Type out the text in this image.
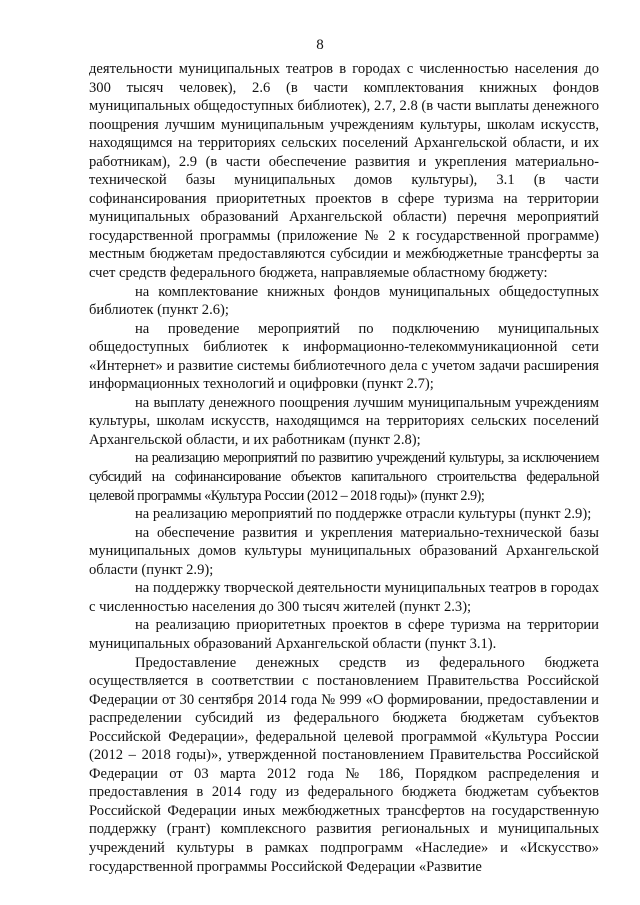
8

деятельности муниципальных театров в городах с численностью населения до 300 тысяч человек), 2.6 (в части комплектования книжных фондов муниципальных общедоступных библиотек), 2.7, 2.8 (в части выплаты денежного поощрения лучшим муниципальным учреждениям культуры, школам искусств, находящимся на территориях сельских поселений Архангельской области, и их работникам), 2.9 (в части обеспечение развития и укрепления материально-технической базы муниципальных домов культуры), 3.1 (в части софинансирования приоритетных проектов в сфере туризма на территории муниципальных образований Архангельской области) перечня мероприятий государственной программы (приложение № 2 к государственной программе) местным бюджетам предоставляются субсидии и межбюджетные трансферты за счет средств федерального бюджета, направляемые областному бюджету:

на комплектование книжных фондов муниципальных общедоступных библиотек (пункт 2.6);

на проведение мероприятий по подключению муниципальных общедоступных библиотек к информационно-телекоммуникационной сети «Интернет» и развитие системы библиотечного дела с учетом задачи расширения информационных технологий и оцифровки (пункт 2.7);

на выплату денежного поощрения лучшим муниципальным учреждениям культуры, школам искусств, находящимся на территориях сельских поселений Архангельской области, и их работникам (пункт 2.8);

на реализацию мероприятий по развитию учреждений культуры, за исключением субсидий на софинансирование объектов капитального строительства федеральной целевой программы «Культура России (2012 – 2018 годы)» (пункт 2.9);

на реализацию мероприятий по поддержке отрасли культуры (пункт 2.9);

на обеспечение развития и укрепления материально-технической базы муниципальных домов культуры муниципальных образований Архангельской области (пункт 2.9);

на поддержку творческой деятельности муниципальных театров в городах с численностью населения до 300 тысяч жителей (пункт 2.3);

на реализацию приоритетных проектов в сфере туризма на территории муниципальных образований Архангельской области (пункт 3.1).

Предоставление денежных средств из федерального бюджета осуществляется в соответствии с постановлением Правительства Российской Федерации от 30 сентября 2014 года № 999 «О формировании, предоставлении и распределении субсидий из федерального бюджета бюджетам субъектов Российской Федерации», федеральной целевой программой «Культура России (2012 – 2018 годы)», утвержденной постановлением Правительства Российской Федерации от 03 марта 2012 года № 186, Порядком распределения и предоставления в 2014 году из федерального бюджета бюджетам субъектов Российской Федерации иных межбюджетных трансфертов на государственную поддержку (грант) комплексного развития региональных и муниципальных учреждений культуры в рамках подпрограмм «Наследие» и «Искусство» государственной программы Российской Федерации «Развитие
